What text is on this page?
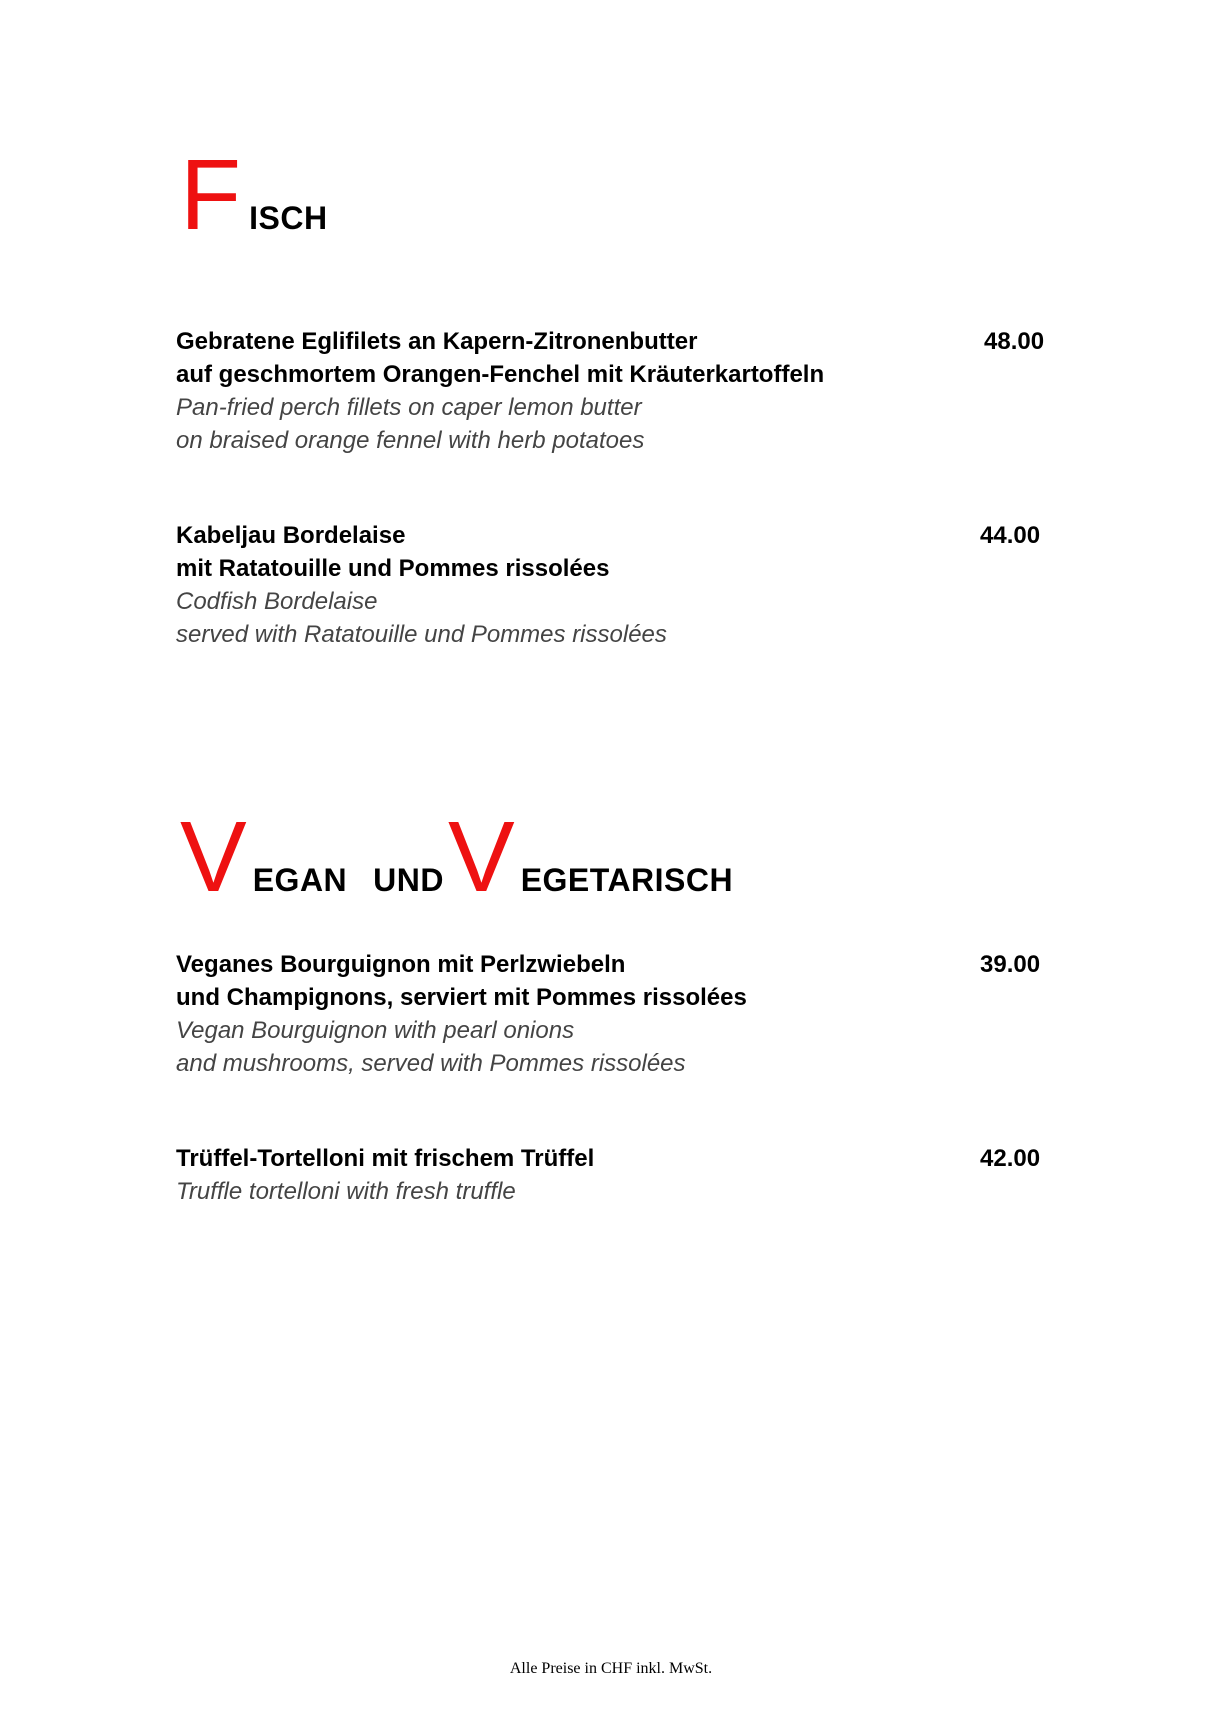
F ISCH

Gebratene Eglifilets an Kapern-Zitronenbutter

auf geschmortem Orangen-Fenchel mit Kräuterkartoffeln

Pan-fried perch fillets on caper lemon butter

on braised orange fennel with herb potatoes

48.00

Kabeljau Bordelaise

mit Ratatouille und Pommes rissolées

Codfish Bordelaise

served with Ratatouille und Pommes rissolées

44.00
V EGAN UNDV EGETARISCH

Veganes Bourguignon mit Perlzwiebeln

und Champignons, serviert mit Pommes rissolées

Vegan Bourguignon with pearl onions

and mushrooms, served with Pommes rissolées

39.00

Trüffel-Tortelloni mit frischem Trüffel

Truffle tortelloni with fresh truffle

42.00
Alle Preise in CHF inkl. MwSt.
